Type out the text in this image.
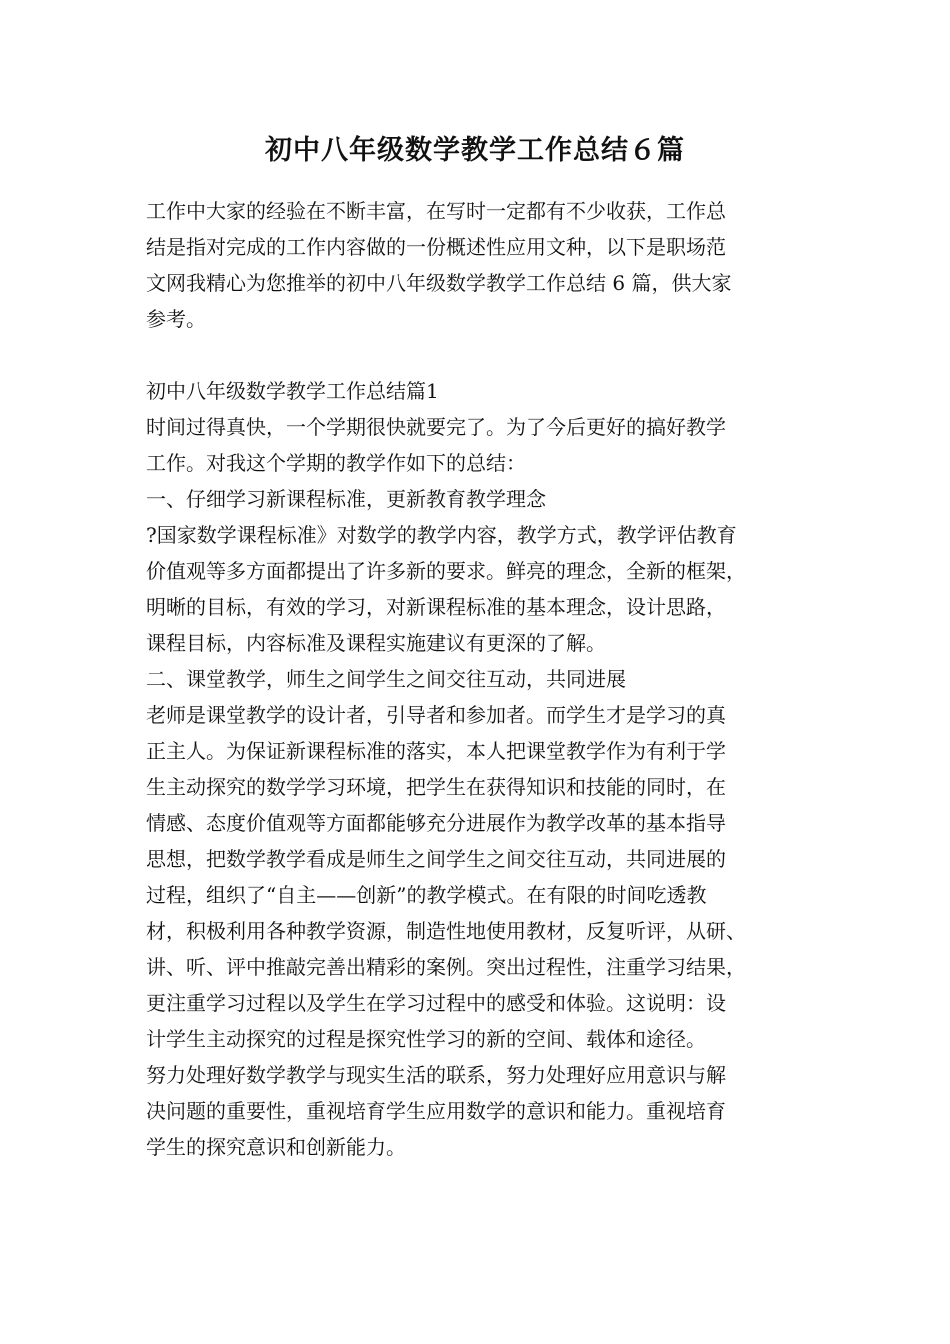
初中八年级数学教学工作总结６篇
工作中大家的经验在不断丰富，在写时一定都有不少收获，工作总
结是指对完成的工作内容做的一份概述性应用文种，以下是职场范
文网我精心为您推举的初中八年级数学教学工作总结 6 篇，供大家
参考。
初中八年级数学教学工作总结篇1
时间过得真快，一个学期很快就要完了。为了今后更好的搞好教学
工作。对我这个学期的教学作如下的总结：
一、仔细学习新课程标准，更新教育教学理念
?国家数学课程标准》对数学的教学内容，教学方式，教学评估教育
价值观等多方面都提出了许多新的要求。鲜亮的理念，全新的框架，
明晰的目标，有效的学习，对新课程标准的基本理念，设计思路，
课程目标，内容标准及课程实施建议有更深的了解。
二、课堂教学，师生之间学生之间交往互动，共同进展
老师是课堂教学的设计者，引导者和参加者。而学生才是学习的真
正主人。为保证新课程标准的落实，本人把课堂教学作为有利于学
生主动探究的数学学习环境，把学生在获得知识和技能的同时，在
情感、态度价值观等方面都能够充分进展作为教学改革的基本指导
思想，把数学教学看成是师生之间学生之间交往互动，共同进展的
过程，组织了“自主——创新”的教学模式。在有限的时间吃透教
材，积极利用各种教学资源，制造性地使用教材，反复听评，从研、
讲、听、评中推敲完善出精彩的案例。突出过程性，注重学习结果，
更注重学习过程以及学生在学习过程中的感受和体验。这说明：设
计学生主动探究的过程是探究性学习的新的空间、载体和途径。
努力处理好数学教学与现实生活的联系，努力处理好应用意识与解
决问题的重要性，重视培育学生应用数学的意识和能力。重视培育
学生的探究意识和创新能力。
